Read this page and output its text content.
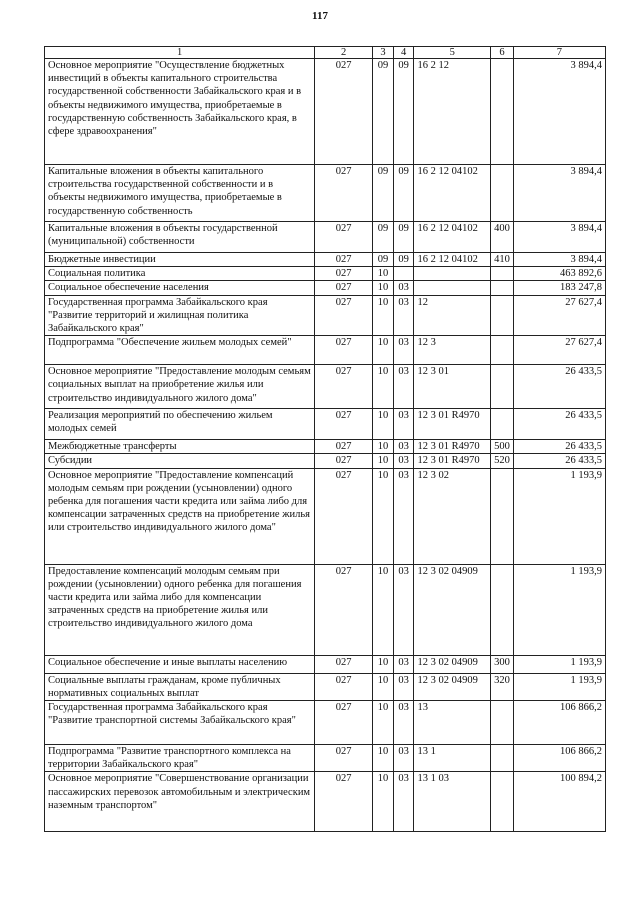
117
1	2	3	4	5	6	7
Основное мероприятие "Осуществление бюджетных инвестиций в объекты капитального строительства государственной собственности Забайкальского края и в объекты недвижимого имущества, приобретаемые в государственную собственность Забайкальского края, в сфере здравоохранения"	027	09	09	16 2 12		3 894,4
Капитальные вложения в объекты капитального строительства государственной собственности и в объекты недвижимого имущества, приобретаемые в государственную собственность	027	09	09	16 2 12 04102		3 894,4
Капитальные вложения в объекты государственной (муниципальной) собственности	027	09	09	16 2 12 04102	400	3 894,4
Бюджетные инвестиции	027	09	09	16 2 12 04102	410	3 894,4
Социальная политика	027	10				463 892,6
Социальное обеспечение населения	027	10	03			183 247,8
Государственная программа Забайкальского края "Развитие территорий и жилищная политика Забайкальского края"	027	10	03	12		27 627,4
Подпрограмма "Обеспечение жильем молодых семей"	027	10	03	12 3		27 627,4
Основное мероприятие "Предоставление молодым семьям социальных выплат на приобретение жилья или строительство индивидуального жилого дома"	027	10	03	12 3 01		26 433,5
Реализация мероприятий по обеспечению жильем молодых семей	027	10	03	12 3 01 R4970		26 433,5
Межбюджетные трансферты	027	10	03	12 3 01 R4970	500	26 433,5
Субсидии	027	10	03	12 3 01 R4970	520	26 433,5
Основное мероприятие "Предоставление компенсаций молодым семьям при рождении (усыновлении) одного ребенка для погашения части кредита или займа либо для компенсации затраченных средств на приобретение жилья или строительство индивидуального жилого дома"	027	10	03	12 3 02		1 193,9
Предоставление компенсаций молодым семьям при рождении (усыновлении) одного ребенка для погашения части кредита или займа либо для компенсации затраченных средств на приобретение жилья или строительство индивидуального жилого дома	027	10	03	12 3 02 04909		1 193,9
Социальное обеспечение и иные выплаты населению	027	10	03	12 3 02 04909	300	1 193,9
Социальные выплаты гражданам, кроме публичных нормативных социальных выплат	027	10	03	12 3 02 04909	320	1 193,9
Государственная программа Забайкальского края "Развитие транспортной системы Забайкальского края"	027	10	03	13		106 866,2
Подпрограмма "Развитие транспортного комплекса на территории Забайкальского края"	027	10	03	13 1		106 866,2
Основное мероприятие "Совершенствование организации пассажирских перевозок автомобильным и электрическим наземным транспортом"	027	10	03	13 1 03		100 894,2
